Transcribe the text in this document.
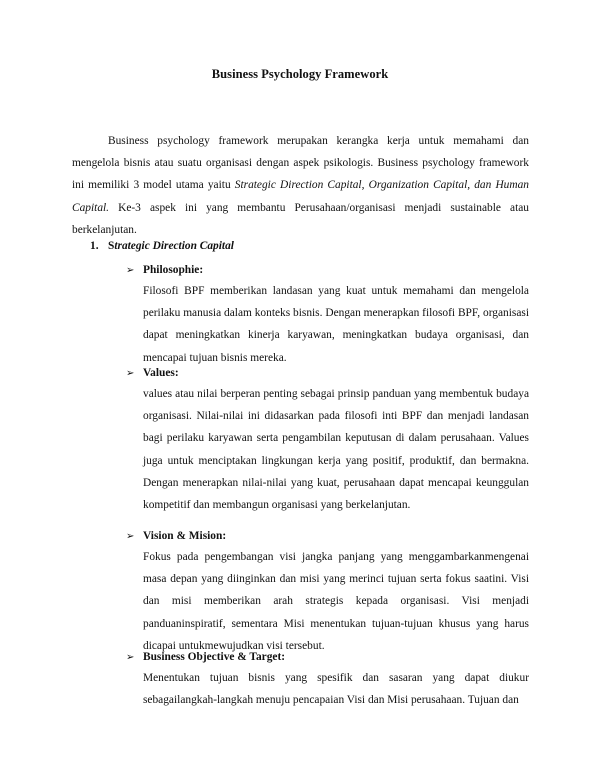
Business Psychology Framework

Business psychology framework merupakan kerangka kerja untuk memahami dan mengelola bisnis atau suatu organisasi dengan aspek psikologis. Business psychology framework ini memiliki 3 model utama yaitu Strategic Direction Capital, Organization Capital, dan Human Capital. Ke-3 aspek ini yang membantu Perusahaan/organisasi menjadi sustainable atau berkelanjutan.

1. Strategic Direction Capital
➢ Philosophie:

Filosofi BPF memberikan landasan yang kuat untuk memahami dan mengelola perilaku manusia dalam konteks bisnis. Dengan menerapkan filosofi BPF, organisasi dapat meningkatkan kinerja karyawan, meningkatkan budaya organisasi, dan mencapai tujuan bisnis mereka.

➢ Values:

values atau nilai berperan penting sebagai prinsip panduan yang membentuk budaya organisasi. Nilai-nilai ini didasarkan pada filosofi inti BPF dan menjadi landasan bagi perilaku karyawan serta pengambilan keputusan di dalam perusahaan. Values juga untuk menciptakan lingkungan kerja yang positif, produktif, dan bermakna. Dengan menerapkan nilai-nilai yang kuat, perusahaan dapat mencapai keunggulan kompetitif dan membangun organisasi yang berkelanjutan.

➢ Vision & Mision:

Fokus pada pengembangan visi jangka panjang yang menggambarkanmengenai masa depan yang diinginkan dan misi yang merinci tujuan serta fokus saatini. Visi dan misi memberikan arah strategis kepada organisasi. Visi menjadi panduaninspiratif, sementara Misi menentukan tujuan-tujuan khusus yang harus dicapai untukmewujudkan visi tersebut.

➢ Business Objective & Target:

Menentukan tujuan bisnis yang spesifik dan sasaran yang dapat diukur sebagailangkah-langkah menuju pencapaian Visi dan Misi perusahaan. Tujuan dan
